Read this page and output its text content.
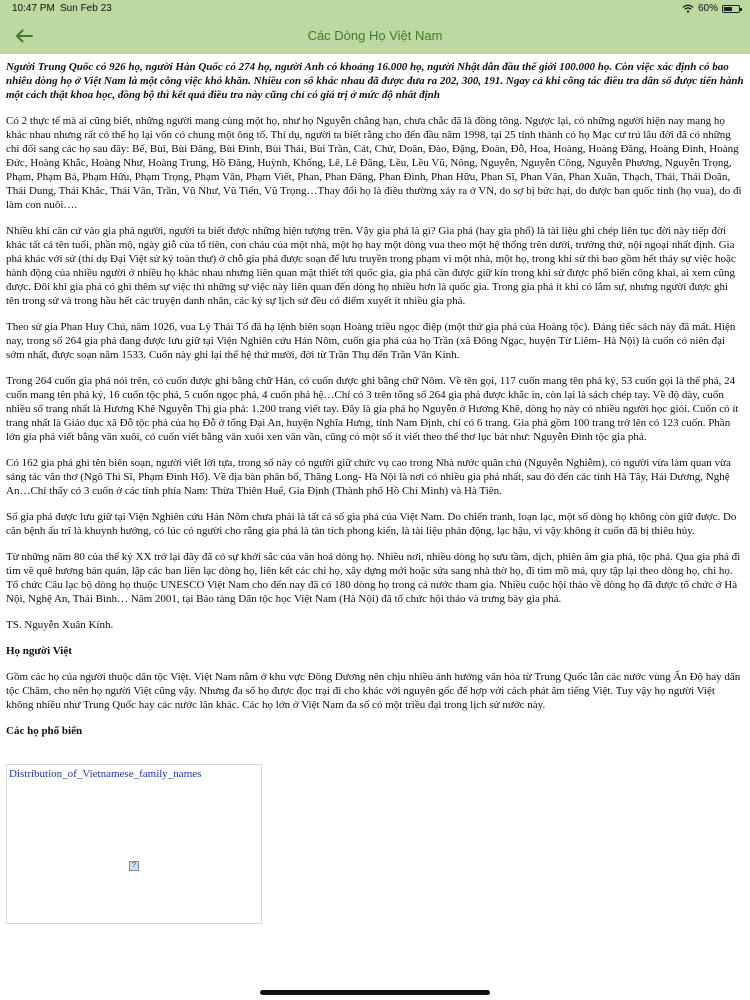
10:47 PM Sun Feb 23	60%
Các Dòng Họ Việt Nam

Người Trung Quốc có 926 họ, người Hàn Quốc có 274 họ, người Anh có khoảng 16.000 họ, người Nhật dẫn đầu thế giới 100.000 họ. Còn việc xác định có bao nhiêu dòng họ ở Việt Nam là một công việc khó khăn. Nhiều con số khác nhau đã được đưa ra 202, 300, 191. Ngay cả khi công tác điều tra dân số được tiến hành một cách thật khoa học, đồng bộ thì kết quả điều tra này cũng chỉ có giá trị ở mức độ nhất định

Có 2 thực tế mà ai cũng biết, những người mang cùng một họ, như họ Nguyễn chẳng hạn, chưa chắc đã là đồng tông. Ngược lại, có những người hiện nay mang họ khác nhau nhưng rất có thể họ lại vốn có chung một ông tổ. Thí dụ, người ta biết rằng cho đến đầu năm 1998, tại 25 tỉnh thành có họ Mạc cư trú lâu đời đã có những chi đổi sang các họ sau đây: Bế, Bùi, Bùi Đăng, Bùi Đình, Bùi Thái, Bùi Trần, Cát, Chử, Doãn, Đào, Đặng, Đoàn, Đỗ, Hoa, Hoàng, Hoàng Đăng, Hoàng Đình, Hoàng Đức, Hoàng Khắc, Hoàng Như, Hoàng Trung, Hồ Đăng, Huỳnh, Khổng, Lê, Lê Đăng, Lều, Lều Vũ, Nông, Nguyễn, Nguyễn Công, Nguyễn Phương, Nguyễn Trọng, Phạm, Phạm Bá, Phạm Hữu, Phạm Trọng, Phạm Văn, Phạm Viết, Phan, Phan Đăng, Phan Đình, Phan Hữu, Phan Sĩ, Phan Văn, Phan Xuân, Thạch, Thái, Thái Doãn, Thái Dung, Thái Khắc, Thái Văn, Trần, Vũ Như, Vũ Tiến, Vũ Trọng…Thay đổi họ là điều thường xảy ra ở VN, do sợ bị bức hại, do được ban quốc tính (họ vua), do đi làm con nuôi….

Nhiều khi căn cứ vào gia phả người, người ta biết được những hiện tượng trên. Vậy gia phả là gì? Gia phả (hay gia phổ) là tài liệu ghi chép liên tục đời này tiếp đời khác tất cả tên tuổi, phần mộ, ngày giỗ của tổ tiên, con cháu của một nhà, một họ hay một dòng vua theo một hệ thống trên dưới, trưởng thứ, nội ngoại nhất định. Gia phả khác với sử (thí dụ Đại Việt sử ký toàn thư) ở chỗ gia phả được soạn để lưu truyền trong phạm vi một nhà, một họ, trong khi sử thì bao gồm hết thảy sự việc hoặc hành động của nhiều người ở nhiều họ khác nhau nhưng liên quan mật thiết tới quốc gia, gia phả cần được giữ kín trong khi sử được phổ biến công khai, ai xem cũng được. Đôi khi gia phả có ghi thêm sự việc thì những sự việc này liên quan đến dòng họ nhiều hơn là quốc gia. Trong gia phả ít khi có lắm sự, nhưng người được ghi tên trong sử và trong hầu hết các truyện danh nhân, các ký sự lịch sử đều có điểm xuyết ít nhiều gia phả.

Theo sử gia Phan Huy Chú, năm 1026, vua Lý Thái Tổ đã hạ lệnh biên soạn Hoàng triều ngọc điệp (một thứ gia phả của Hoàng tộc). Đáng tiếc sách này đã mất. Hiện nay, trong số 264 gia phả đang được lưu giữ tại Viện Nghiên cứu Hán Nôm, cuốn gia phả của họ Trần (xã Đông Ngạc, huyện Từ Liêm- Hà Nội) là cuốn có niên đại sớm nhất, được soạn năm 1533. Cuốn này ghi lại thế hệ thứ mười, đời từ Trần Thụ đến Trần Văn Kính.

Trong 264 cuốn gia phả nói trên, có cuốn được ghi bằng chữ Hán, có cuốn được ghi bằng chữ Nôm. Về tên gọi, 117 cuốn mang tên phả ký, 53 cuốn gọi là thế phả, 24 cuốn mang tên phả ký, 16 cuốn tộc phả, 5 cuốn ngọc phả, 4 cuốn phả hệ…Chỉ có 3 trên tổng số 264 gia phả được khắc in, còn lại là sách chép tay. Về độ dày, cuốn nhiều số trang nhất là Hương Khê Nguyễn Thị gia phả: 1.200 trang viết tay. Đây là gia phả họ Nguyễn ở Hương Khê, dòng họ này có nhiều người học giỏi. Cuốn có ít trang nhất là Giáo dục xã Đỗ tộc phả của họ Đỗ ở tổng Đại An, huyện Nghĩa Hưng, tỉnh Nam Định, chỉ có 6 trang. Gia phả gồm 100 trang trở lên có 123 cuốn. Phần lớn gia phả viết bằng văn xuôi, có cuốn viết bằng văn xuôi xen văn vần, cũng có một số ít viết theo thể thơ lục bát như: Nguyễn Đình tộc gia phả.

Có 162 gia phả ghi tên biên soạn, người viết lời tựa, trong số này có người giữ chức vụ cao trong Nhà nước quân chủ (Nguyễn Nghiễm), có người vừa làm quan vừa sáng tác văn thơ (Ngô Thì Sĩ, Phạm Đình Hổ). Về địa bàn phân bố, Thăng Long- Hà Nội là nơi có nhiều gia phả nhất, sau đó đến các tỉnh Hà Tây, Hải Dương, Nghệ An…Chỉ thấy có 3 cuốn ở các tỉnh phía Nam: Thừa Thiên Huế, Gia Định (Thành phố Hồ Chí Minh) và Hà Tiên.

Số gia phả được lưu giữ tại Viện Nghiên cứu Hán Nôm chưa phải là tất cả số gia phả của Việt Nam. Do chiến tranh, loạn lạc, một số dòng họ không còn giữ được. Do căn bệnh ấu trĩ là khuynh hướng, có lúc có người cho rằng gia phả là tàn tích phong kiến, là tài liệu phản động, lạc hậu, vì vậy không ít cuốn đã bị thiêu hủy.

Từ những năm 80 của thế kỷ XX trở lại đây đã có sự khởi sắc của văn hoá dòng họ. Nhiều nơi, nhiều dòng họ sưu tầm, dịch, phiên âm gia phả, tộc phả. Qua gia phả đi tìm về quê hương bản quán, lập các ban liên lạc dòng họ, liên kết các chi họ, xây dựng mới hoặc sửa sang nhà thờ họ, đi tìm mồ mả, quy tập lại theo dòng họ, chi họ. Tổ chức Câu lạc bộ dòng họ thuộc UNESCO Việt Nam cho đến nay đã có 180 dòng họ trong cả nước tham gia. Nhiều cuộc hội thảo về dòng họ đã được tổ chức ở Hà Nội, Nghệ An, Thái Bình… Năm 2001, tại Bảo tàng Dân tộc học Việt Nam (Hà Nội) đã tổ chức hội thảo và trưng bày gia phả.

TS. Nguyễn Xuân Kính.

Họ người Việt

Gồm các họ của người thuộc dân tộc Việt. Việt Nam nằm ở khu vực Đông Dương nên chịu nhiều ảnh hưởng văn hóa từ Trung Quốc lẫn các nước vùng Ấn Độ hay dân tộc Chăm, cho nên họ người Việt cũng vậy. Nhưng đa số họ được đọc trại đi cho khác với nguyên gốc để hợp với cách phát âm tiếng Việt. Tuy vậy họ người Việt không nhiều như Trung Quốc hay các nước lân khác. Các họ lớn ở Việt Nam đa số có một triều đại trong lịch sử nước này.

Các họ phổ biến
Distribution_of_Vietnamese_family_names
?
